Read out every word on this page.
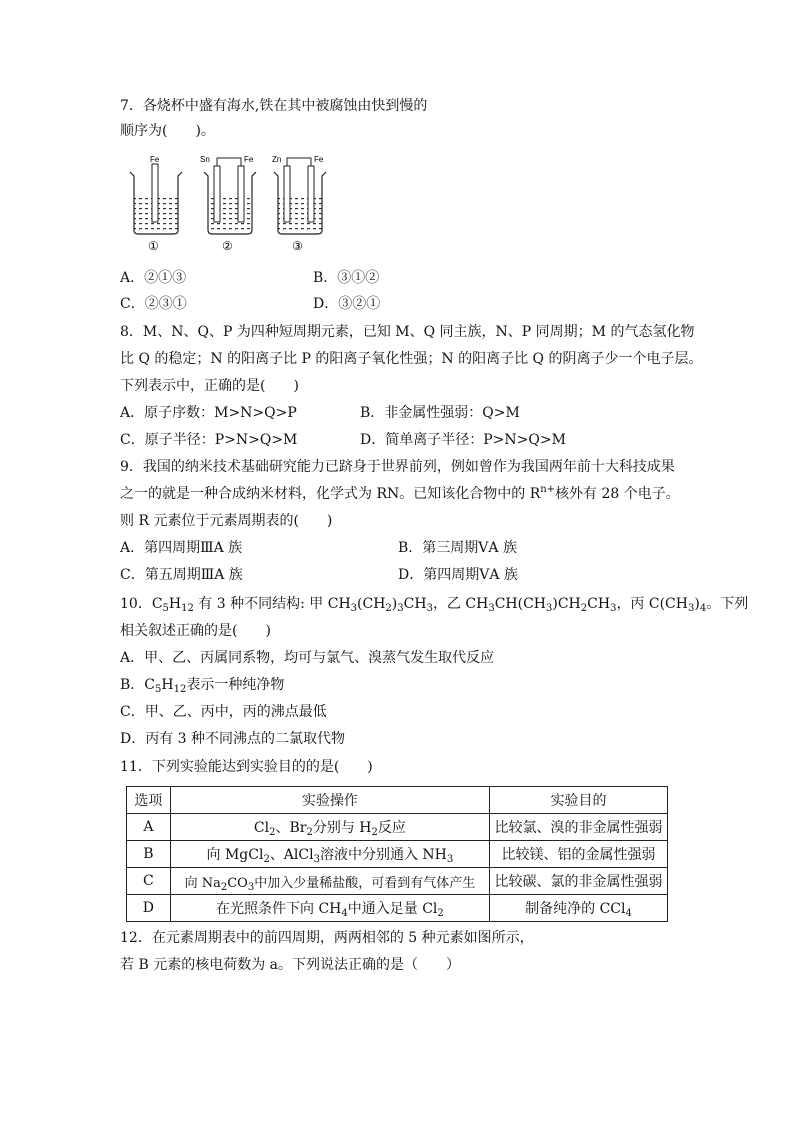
7．各烧杯中盛有海水,铁在其中被腐蚀由快到慢的
顺序为(　　)。
Fe
①
Sn	Fe
②
Zn	Fe
③
A．②①③	B．③①②
C．②③①	D．③②①
8．M、N、Q、P 为四种短周期元素，已知 M、Q 同主族，N、P 同周期；M 的气态氢化物
比 Q 的稳定；N 的阳离子比 P 的阳离子氧化性强；N 的阳离子比 Q 的阴离子少一个电子层。
下列表示中，正确的是(　　)
A．原子序数：M>N>Q>P	B．非金属性强弱：Q>M
C．原子半径：P>N>Q>M	D．简单离子半径：P>N>Q>M
9．我国的纳米技术基础研究能力已跻身于世界前列，例如曾作为我国两年前十大科技成果
之一的就是一种合成纳米材料，化学式为 RN。已知该化合物中的 $R^{n+}$核外有 28 个电子。
则 R 元素位于元素周期表的(　　)
A．第四周期ⅢA 族	B．第三周期ⅤA 族
C．第五周期ⅢA 族	D．第四周期ⅤA 族
10．$C_5H_{12}$ 有 3 种不同结构: 甲 $CH_3(CH_2)_3CH_3$，乙 $CH_3CH(CH_3)CH_2CH_3$，丙 $C(CH_3)_4$。下列
相关叙述正确的是(　　)
A．甲、乙、丙属同系物，均可与氯气、溴蒸气发生取代反应
B．$C_5H_{12}$表示一种纯净物
C．甲、乙、丙中，丙的沸点最低
D．丙有 3 种不同沸点的二氯取代物
11．下列实验能达到实验目的的是(　　)
选项	实验操作	实验目的
A	$Cl_2$、$Br_2$分别与 $H_2$反应	比较氯、溴的非金属性强弱
B	向 MgCl$_2$、AlCl$_3$溶液中分别通入 $NH_3$	比较镁、铝的金属性强弱
C	向 $Na_2CO_3$中加入少量稀盐酸，可看到有气体产生	比较碳、氯的非金属性强弱
D	在光照条件下向 $CH_4$中通入足量 $Cl_2$	制备纯净的 CCl$_4$
12．在元素周期表中的前四周期，两两相邻的 5 种元素如图所示，
若 B 元素的核电荷数为 a。下列说法正确的是（　　）
